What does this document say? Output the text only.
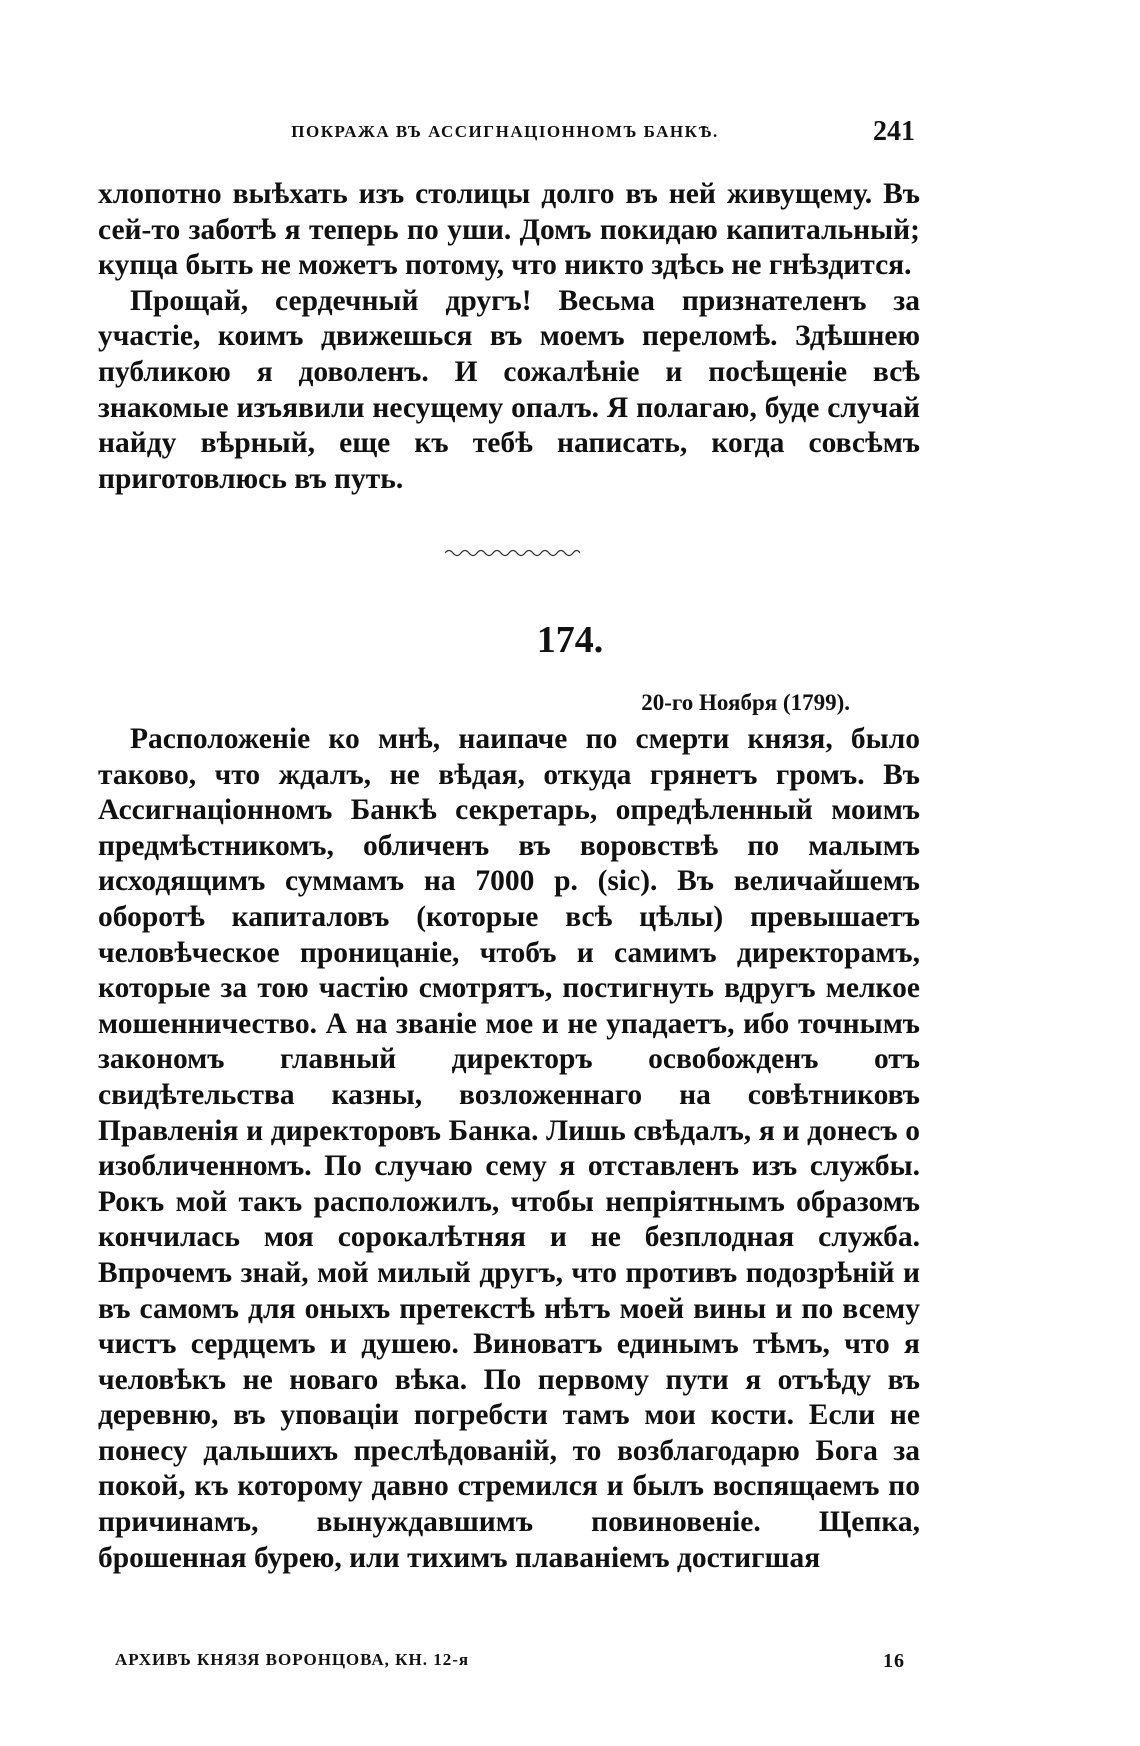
ПОКРАЖА ВЪ АССИГНАЦІОННОМЪ БАНКѢ.	241

хлопотно выѣхать изъ столицы долго въ ней живущему. Въ сей-то заботѣ я теперь по уши. Домъ покидаю капитальный; купца быть не можетъ потому, что никто здѣсь не гнѣздится.

Прощай, сердечный другъ! Весьма признателенъ за участіе, коимъ движешься въ моемъ переломѣ. Здѣшнею публикою я доволенъ. И сожалѣніе и посѣщеніе всѣ знакомые изъявили несущему опалъ. Я полагаю, буде случай найду вѣрный, еще къ тебѣ написать, когда совсѣмъ приготовлюсь въ путь.

174.
20-го Ноября (1799).

Расположеніе ко мнѣ, наипаче по смерти князя, было таково, что ждалъ, не вѣдая, откуда грянетъ громъ. Въ Ассигнаціонномъ Банкѣ секретарь, опредѣленный моимъ предмѣстникомъ, обличенъ въ воровствѣ по малымъ исходящимъ суммамъ на 7000 р. (sic). Въ величайшемъ оборотѣ капиталовъ (которые всѣ цѣлы) превышаетъ человѣческое проницаніе, чтобъ и самимъ директорамъ, которые за тою частію смотрятъ, постигнуть вдругъ мелкое мошенничество. А на званіе мое и не упадаетъ, ибо точнымъ закономъ главный директоръ освобожденъ отъ свидѣтельства казны, возложеннаго на совѣтниковъ Правленія и директоровъ Банка. Лишь свѣдалъ, я и донесъ о изобличенномъ. По случаю сему я отставленъ изъ службы. Рокъ мой такъ расположилъ, чтобы непріятнымъ образомъ кончилась моя сорокалѣтняя и не безплодная служба. Впрочемъ знай, мой милый другъ, что противъ подозрѣній и въ самомъ для оныхъ претекстѣ нѣтъ моей вины и по всему чистъ сердцемъ и душею. Виноватъ единымъ тѣмъ, что я человѣкъ не новаго вѣка. По первому пути я отъѣду въ деревню, въ уповаціи погребсти тамъ мои кости. Если не понесу дальшихъ преслѣдованій, то возблагодарю Бога за покой, къ которому давно стремился и былъ воспящаемъ по причинамъ, вынуждавшимъ повиновеніе. Щепка, брошенная бурею, или тихимъ плаваніемъ достигшая

АРХИВЪ КНЯЗЯ ВОРОНЦОВА, КН. 12-я	16
